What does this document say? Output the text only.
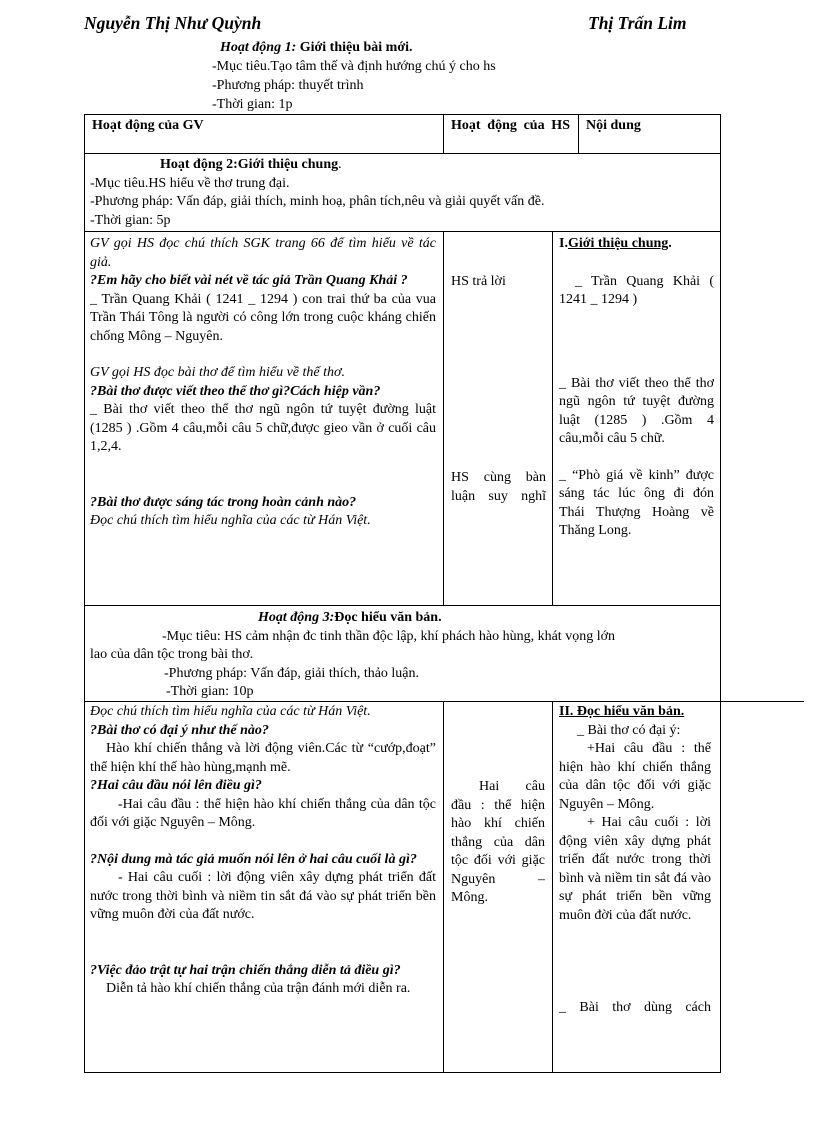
Nguyễn Thị Như Quỳnh	Thị Trấn Lim
Hoạt động 1: Giới thiệu bài mới.
-Mục tiêu.Tạo tâm thế và định hướng chú ý cho hs
-Phương pháp: thuyết trình
-Thời gian: 1p
Hoạt động của GV	Hoạt động của HS Nội dung
Hoạt động 2:Giới thiệu chung.
-Mục tiêu.HS hiểu về thơ trung đại.
-Phương pháp: Vấn đáp, giải thích, minh hoạ, phân tích,nêu và giải quyết vấn đề.
-Thời gian: 5p

GV gọi HS đọc chú thích SGK trang 66 để tìm hiểu về tác giả.

?Em hãy cho biết vài nét về tác giả Trần Quang Khải ?

_ Trần Quang Khải ( 1241 _ 1294 ) con trai thứ ba của vua Trần Thái Tông là người có công lớn trong cuộc kháng chiến chống Mông – Nguyên.

GV gọi HS đọc bài thơ để tìm hiểu về thể thơ.

?Bài thơ được viết theo thể thơ gì?Cách hiệp vần?

_ Bài thơ viết theo thể thơ ngũ ngôn tứ tuyệt đường luật (1285 ) .Gồm 4 câu,mỗi câu 5 chữ,được gieo vần ở cuối câu 1,2,4.

?Bài thơ được sáng tác trong hoàn cảnh nào?

Đọc chú thích tìm hiểu nghĩa của các từ Hán Việt.

HS trả lời
HS cùng bàn luận suy nghĩ

I.Giới thiệu chung.

_ Trần Quang Khải ( 1241 _ 1294 )

_ Bài thơ viết theo thể thơ ngũ ngôn tứ tuyệt đường luật (1285 ) .Gồm 4 câu,mỗi câu 5 chữ.

_ “Phò giá về kinh” được sáng tác lúc ông đi đón Thái Thượng Hoàng về Thăng Long.

Hoạt động 3:Đọc hiểu văn bản.
-Mục tiêu: HS cảm nhận đc tinh thần độc lập, khí phách hào hùng, khát vọng lớn
lao của dân tộc trong bài thơ.
-Phương pháp: Vấn đáp, giải thích, thảo luận.
-Thời gian: 10p

Đọc chú thích tìm hiểu nghĩa của các từ Hán Việt.

?Bài thơ có đại ý như thế nào?

Hào khí chiến thắng và lời động viên.Các từ “cướp,đoạt” thể hiện khí thế hào hùng,mạnh mẽ.

?Hai câu đầu nói lên điều gì?

-Hai câu đầu : thể hiện hào khí chiến thắng của dân tộc đối với giặc Nguyên – Mông.

?Nội dung mà tác giả muốn nói lên ở hai câu cuối là gì?

- Hai câu cuối : lời động viên xây dựng phát triển đất nước trong thời bình và niềm tin sắt đá vào sự phát triển bền vững muôn đời của đất nước.

?Việc đảo trật tự hai trận chiến thắng diễn tả điều gì?

Diễn tả hào khí chiến thắng của trận đánh mới diễn ra.

Hai câu đầu : thể hiện hào khí chiến thắng của dân tộc đối với giặc Nguyên – Mông.

II. Đọc hiểu văn bản.

_ Bài thơ có đại ý:

+Hai câu đầu : thể hiện hào khí chiến thắng của dân tộc đối với giặc Nguyên – Mông.

+ Hai câu cuối : lời động viên xây dựng phát triển đất nước trong thời bình và niềm tin sắt đá vào sự phát triển bền vững muôn đời của đất nước.

_ Bài thơ dùng cách
